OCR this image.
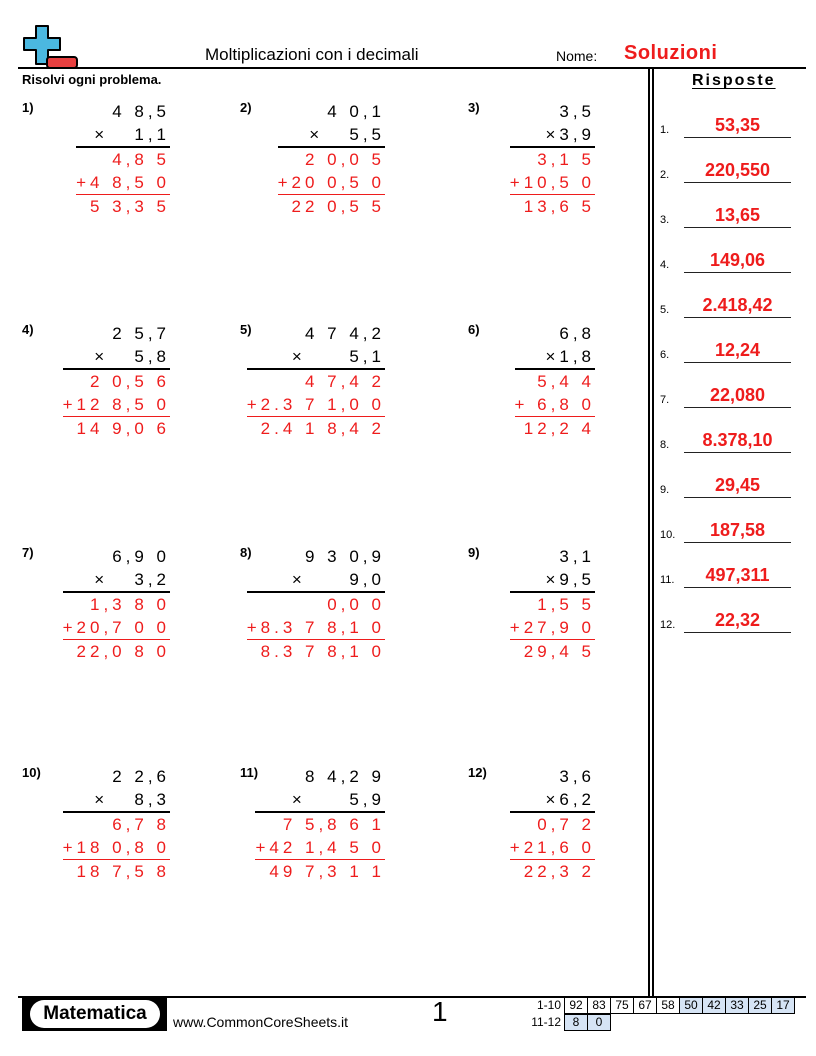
Moltiplicazioni con i decimali	Nome: Soluzioni
Risolvi ogni problema.	Risposte
1)	4 8,5
×   1,1
4,8 5
+4 8,5 0
5 3,3 5
2)	4 0,1
×   5,5
2 0,0 5
+20 0,5 0
22 0,5 5
3)	3,5
×3,9
3,1 5
+10,5 0
13,6 5
4)	2 5,7
×   5,8
2 0,5 6
+12 8,5 0
14 9,0 6
5)	4 7 4,2
×     5,1
4 7,4 2
+2.3 7 1,0 0
2.4 1 8,4 2
6)	6,8
×1,8
5,4 4
+ 6,8 0
12,2 4
7)	6,9 0
×   3,2
1,3 8 0
+20,7 0 0
22,0 8 0
8)	9 3 0,9
×     9,0
0,0 0
+8.3 7 8,1 0
8.3 7 8,1 0
9)	3,1
×9,5
1,5 5
+27,9 0
29,4 5
10)	2 2,6
×   8,3
6,7 8
+18 0,8 0
18 7,5 8
11)	8 4,2 9
×     5,9
7 5,8 6 1
+42 1,4 5 0
49 7,3 1 1
12)	3,6
×6,2
0,7 2
+21,6 0
22,3 2
1.	53,35
2.	220,550
3.	13,65
4.	149,06
5.	2.418,42
6.	12,24
7.	22,080
8.	8.378,10
9.	29,45
10.	187,58
11.	497,311
12.	22,32
Matematica	www.CommonCoreSheets.it	1	1-10 92 83 75 67 58 50 42 33 25 17
11-12 8	0
